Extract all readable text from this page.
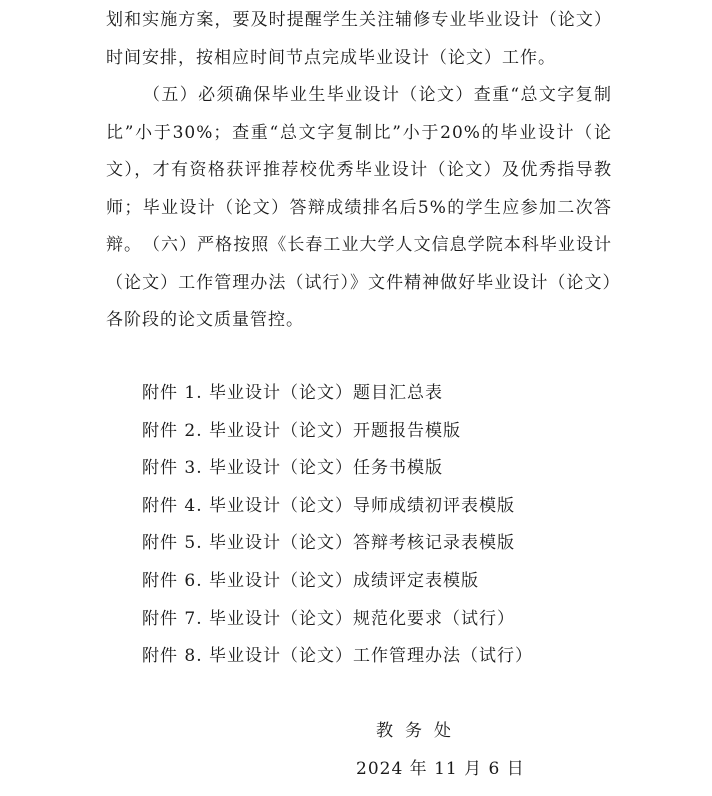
划和实施方案，要及时提醒学生关注辅修专业毕业设计（论文）时间安排，按相应时间节点完成毕业设计（论文）工作。

（五）必须确保毕业生毕业设计（论文）查重“总文字复制比”小于30%；查重“总文字复制比”小于20%的毕业设计（论文），才有资格获评推荐校优秀毕业设计（论文）及优秀指导教师；毕业设计（论文）答辩成绩排名后5%的学生应参加二次答辩。 （六）严格按照《长春工业大学人文信息学院本科毕业设计（论文）工作管理办法（试行）》文件精神做好毕业设计（论文）各阶段的论文质量管控。

附件 1. 毕业设计（论文）题目汇总表
附件 2. 毕业设计（论文）开题报告模版
附件 3. 毕业设计（论文）任务书模版
附件 4. 毕业设计（论文）导师成绩初评表模版
附件 5. 毕业设计（论文）答辩考核记录表模版
附件 6. 毕业设计（论文）成绩评定表模版
附件 7. 毕业设计（论文）规范化要求（试行）
附件 8. 毕业设计（论文）工作管理办法（试行）
教务处
2024 年 11 月 6 日
